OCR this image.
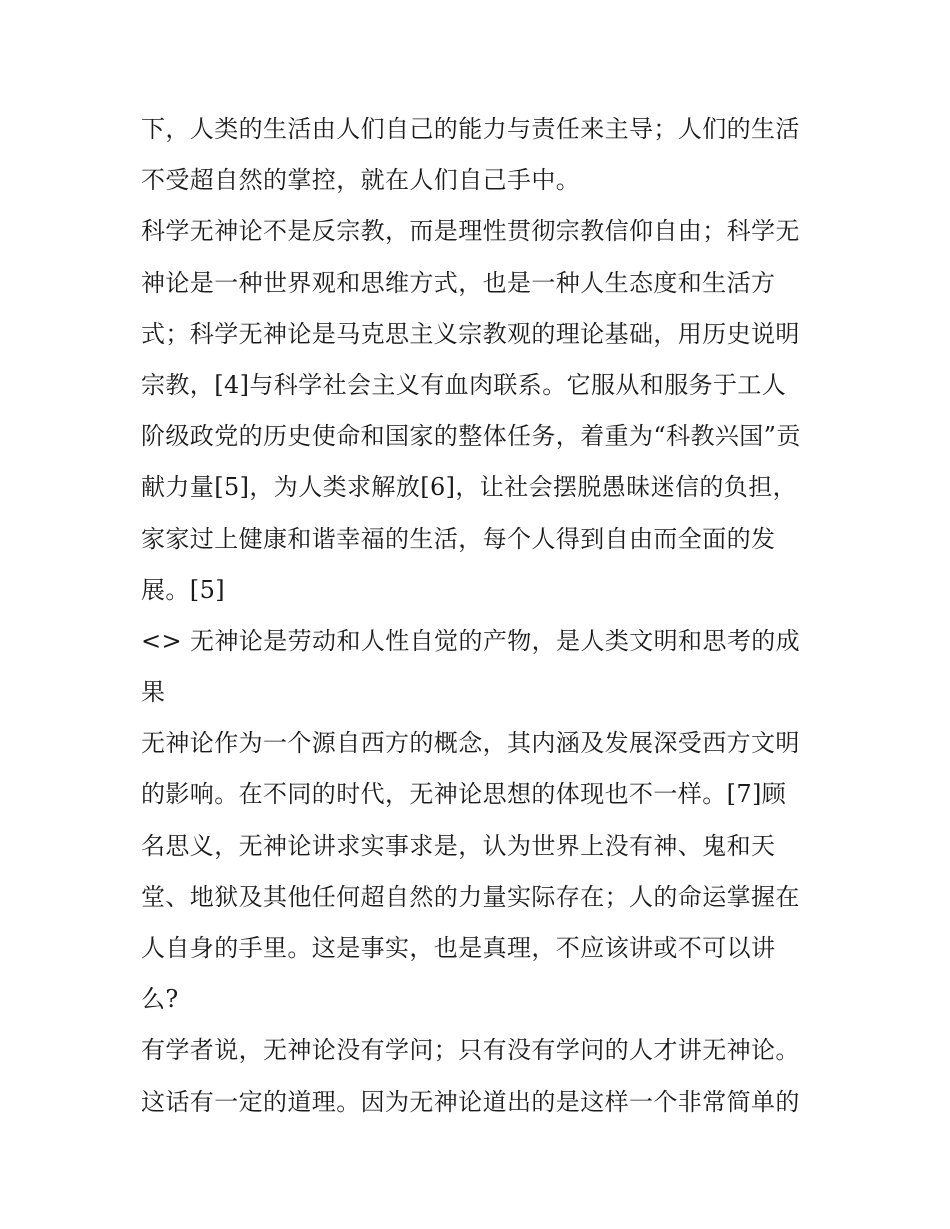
下，人类的生活由人们自己的能力与责任来主导；人们的生活
不受超自然的掌控，就在人们自己手中。
科学无神论不是反宗教，而是理性贯彻宗教信仰自由；科学无
神论是一种世界观和思维方式，也是一种人生态度和生活方
式；科学无神论是马克思主义宗教观的理论基础，用历史说明
宗教，[4]与科学社会主义有血肉联系。它服从和服务于工人
阶级政党的历史使命和国家的整体任务，着重为“科教兴国”贡
献力量[5]，为人类求解放[6]，让社会摆脱愚昧迷信的负担，
家家过上健康和谐幸福的生活，每个人得到自由而全面的发
展。[5]
<> 无神论是劳动和人性自觉的产物，是人类文明和思考的成
果
无神论作为一个源自西方的概念，其内涵及发展深受西方文明
的影响。在不同的时代，无神论思想的体现也不一样。[7]顾
名思义，无神论讲求实事求是，认为世界上没有神、鬼和天
堂、地狱及其他任何超自然的力量实际存在；人的命运掌握在
人自身的手里。这是事实，也是真理，不应该讲或不可以讲
么?
有学者说，无神论没有学问；只有没有学问的人才讲无神论。
这话有一定的道理。因为无神论道出的是这样一个非常简单的
